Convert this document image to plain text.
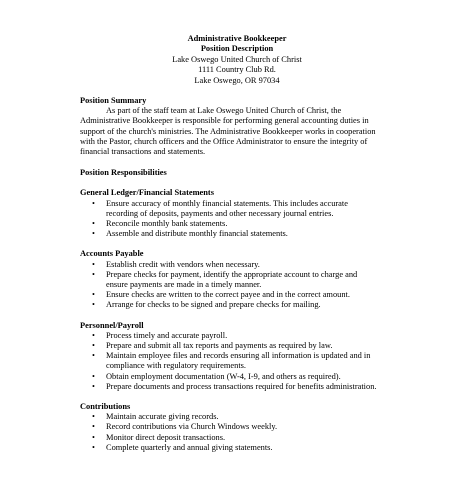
Administrative Bookkeeper
Position Description
Lake Oswego United Church of Christ
1111 Country Club Rd.
Lake Oswego, OR 97034
Position Summary

As part of the staff team at Lake Oswego United Church of Christ, the Administrative Bookkeeper is responsible for performing general accounting duties in support of the church's ministries. The Administrative Bookkeeper works in cooperation with the Pastor, church officers and the Office Administrator to ensure the integrity of financial transactions and statements.

Position Responsibilities
General Ledger/Financial Statements
• Ensure accuracy of monthly financial statements. This includes accurate recording of deposits, payments and other necessary journal entries.
• Reconcile monthly bank statements.
• Assemble and distribute monthly financial statements.
Accounts Payable
• Establish credit with vendors when necessary.
• Prepare checks for payment, identify the appropriate account to charge and ensure payments are made in a timely manner.
• Ensure checks are written to the correct payee and in the correct amount.
• Arrange for checks to be signed and prepare checks for mailing.
Personnel/Payroll
• Process timely and accurate payroll.
• Prepare and submit all tax reports and payments as required by law.
• Maintain employee files and records ensuring all information is updated and in compliance with regulatory requirements.
• Obtain employment documentation (W-4, I-9, and others as required).
• Prepare documents and process transactions required for benefits administration.
Contributions
• Maintain accurate giving records.
• Record contributions via Church Windows weekly.
• Monitor direct deposit transactions.
• Complete quarterly and annual giving statements.
